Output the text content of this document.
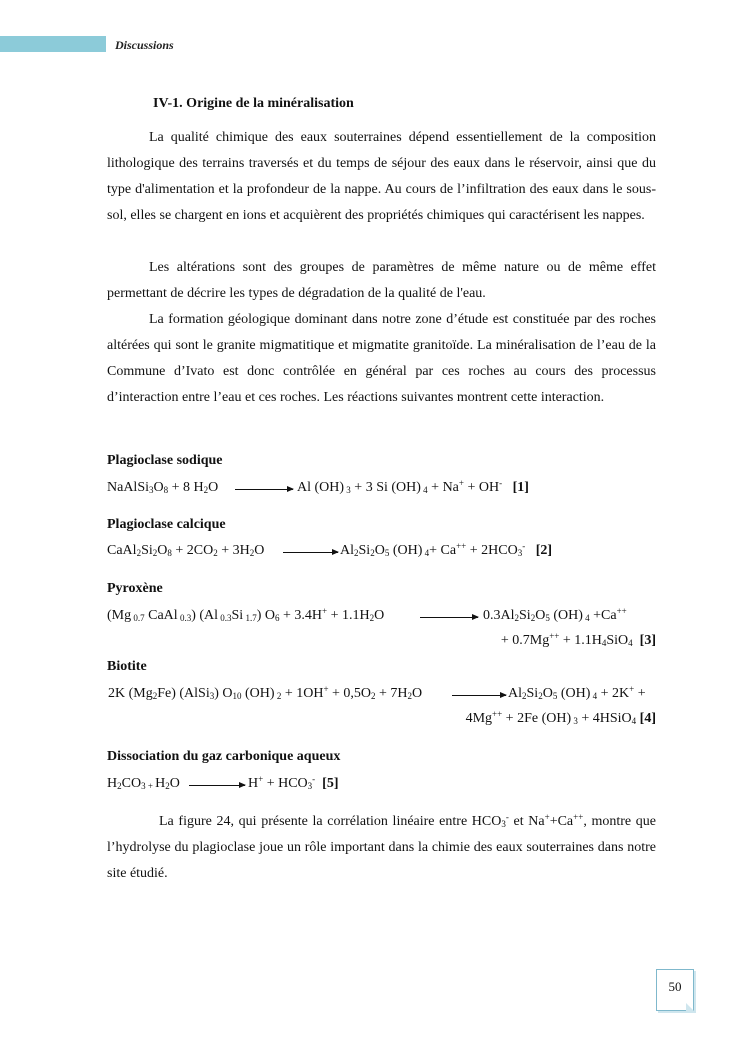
Discussions
IV-1. Origine de la minéralisation

La qualité chimique des eaux souterraines dépend essentiellement de la composition lithologique des terrains traversés et du temps de séjour des eaux dans le réservoir, ainsi que du type d'alimentation et la profondeur de la nappe. Au cours de l’infiltration des eaux dans le sous-sol, elles se chargent en ions et acquièrent des propriétés chimiques qui caractérisent les nappes.

Les altérations sont des groupes de paramètres de même nature ou de même effet permettant de décrire les types de dégradation de la qualité de l'eau.

La formation géologique dominant dans notre zone d’étude est constituée par des roches altérées qui sont le granite migmatitique et migmatite granitoïde. La minéralisation de l’eau de la Commune d’Ivato est donc contrôlée en général par ces roches au cours des processus d’interaction entre l’eau et ces roches. Les réactions suivantes montrent cette interaction.

Plagioclase sodique
$NaAlSi_3O_8 + 8$ $H_2O$	Al (OH) $_3$ + 3 Si (OH) $_4$ + Na+ + OH- [1]
Plagioclase calcique
$CaAl_2Si_2O_8 + 2CO_2 + 3H_2O \to Al_2Si_2O_5$ (OH) $_4+ Ca^{++} + 2HCO_3^-$ [2]
Pyroxène
(Mg $_{0.7}$ CaAl $_{0.3}$) (Al $_{0.3}$Si $_{1.7}$) $O_6 + 3.4H^+ + 1.1H_2O$	$0.3Al_2Si_2O_5$ (OH) $_4$ +Ca++
+ $0.7Mg^{++} + 1.1H_4SiO_4$ [3]
Biotite
2K $(Mg_2Fe)$ (AlSi$_3$) $O_{10}$ (OH) $_2 + 1OH^+ + 0,5O_2 + 7H_2O \to Al_2Si_2O_5$ (OH) $_4$ + 2K+ +
4Mg++ + 2Fe (OH) $_3$ + 4HSiO$_4$ [4]
Dissociation du gaz carbonique aqueux
$H_2CO_3$ $_+$ $H_2O \to H^+ + HCO_3^-$ [5]

La figure 24, qui présente la corrélation linéaire entre $HCO_3^-$ et Na++Ca++, montre que l’hydrolyse du plagioclase joue un rôle important dans la chimie des eaux souterraines dans notre site étudié.

50
